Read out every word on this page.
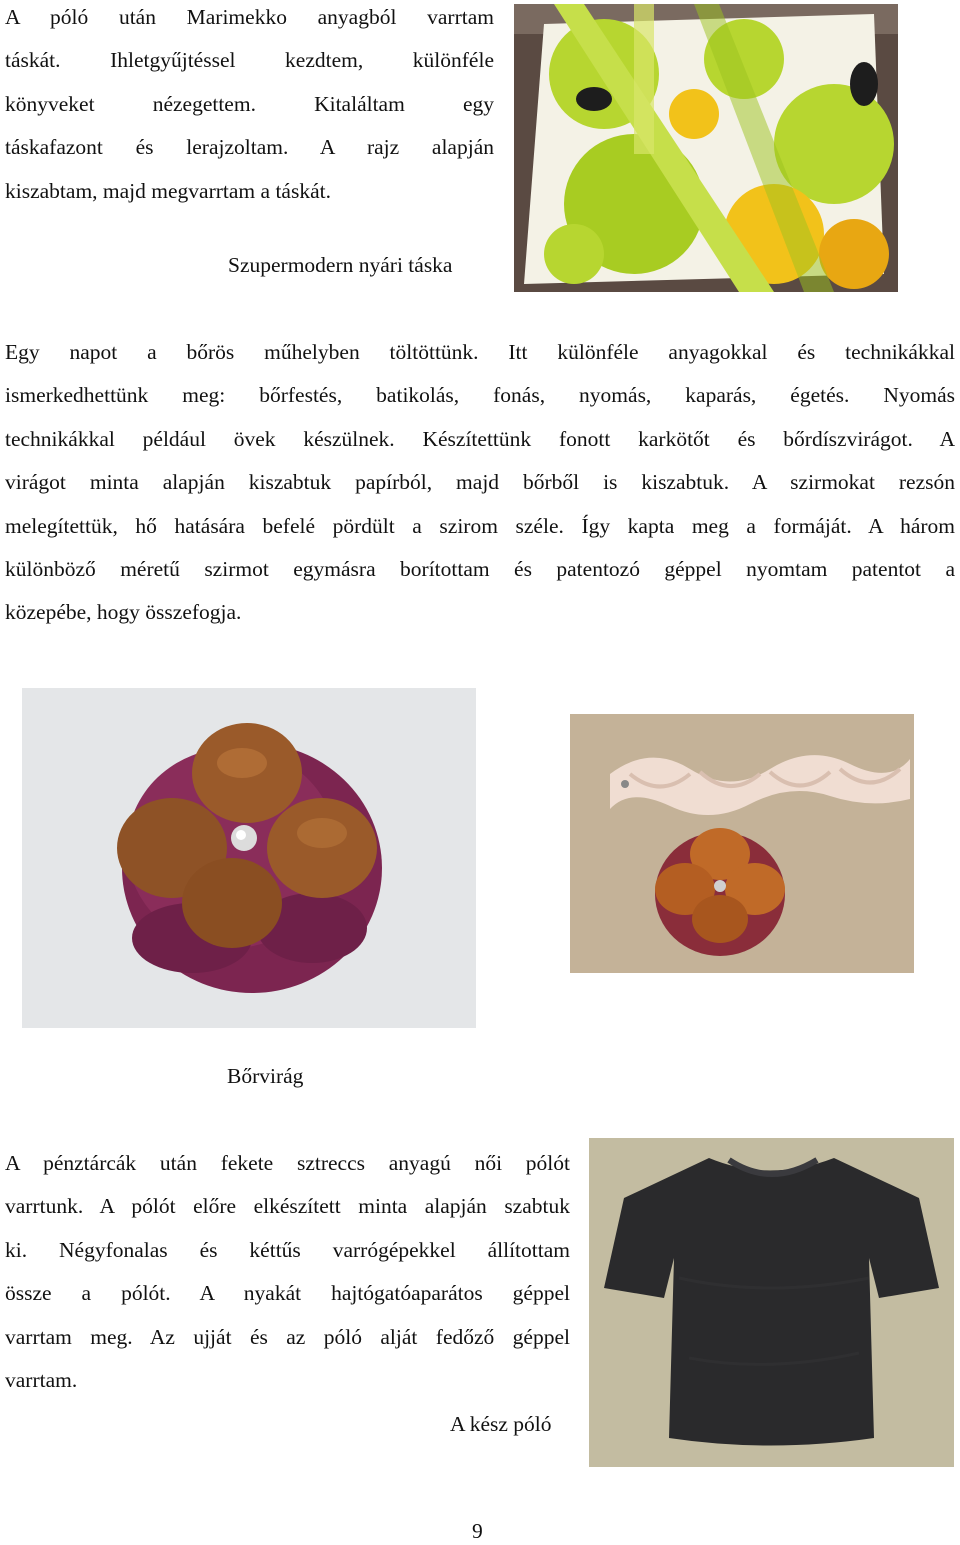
A póló után Marimekko anyagból varrtam
táskát. Ihletgyűjtéssel kezdtem, különféle
könyveket nézegettem. Kitaláltam egy
táskafazont és lerajzoltam. A rajz alapján
kiszabtam, majd megvarrtam a táskát.
Szupermodern nyári táska
Egy napot a bőrös műhelyben töltöttünk. Itt különféle anyagokkal és technikákkal
ismerkedhettünk meg: bőrfestés, batikolás, fonás, nyomás, kaparás, égetés. Nyomás
technikákkal például övek készülnek. Készítettünk fonott karkötőt és bőrdíszvirágot. A
virágot minta alapján kiszabtuk papírból, majd bőrből is kiszabtuk. A szirmokat rezsón
melegítettük, hő hatására befelé pördült a szirom széle. Így kapta meg a formáját. A három
különböző méretű szirmot egymásra borítottam és patentozó géppel nyomtam patentot a
közepébe, hogy összefogja.
Bőrvirág
A pénztárcák után fekete sztreccs anyagú női pólót
varrtunk. A pólót előre elkészített minta alapján szabtuk
ki. Négyfonalas és kéttűs varrógépekkel állítottam
össze a pólót. A nyakát hajtógatóaparátos géppel
varrtam meg. Az ujját és az póló alját fedőző géppel
varrtam.
A kész póló
9
